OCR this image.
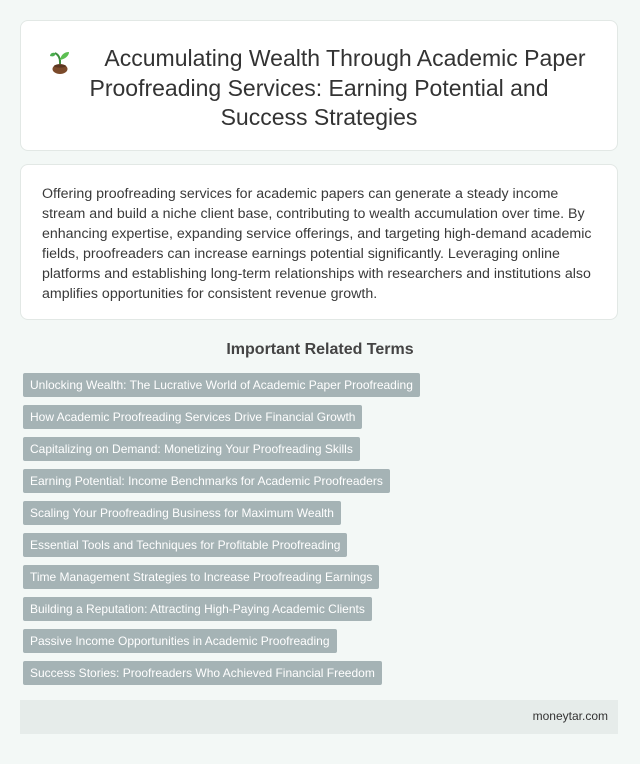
Accumulating Wealth Through Academic Paper Proofreading Services: Earning Potential and Success Strategies

Offering proofreading services for academic papers can generate a steady income stream and build a niche client base, contributing to wealth accumulation over time. By enhancing expertise, expanding service offerings, and targeting high-demand academic fields, proofreaders can increase earnings potential significantly. Leveraging online platforms and establishing long-term relationships with researchers and institutions also amplifies opportunities for consistent revenue growth.

Important Related Terms
Unlocking Wealth: The Lucrative World of Academic Paper Proofreading
How Academic Proofreading Services Drive Financial Growth
Capitalizing on Demand: Monetizing Your Proofreading Skills
Earning Potential: Income Benchmarks for Academic Proofreaders
Scaling Your Proofreading Business for Maximum Wealth
Essential Tools and Techniques for Profitable Proofreading
Time Management Strategies to Increase Proofreading Earnings
Building a Reputation: Attracting High-Paying Academic Clients
Passive Income Opportunities in Academic Proofreading
Success Stories: Proofreaders Who Achieved Financial Freedom
moneytar.com
